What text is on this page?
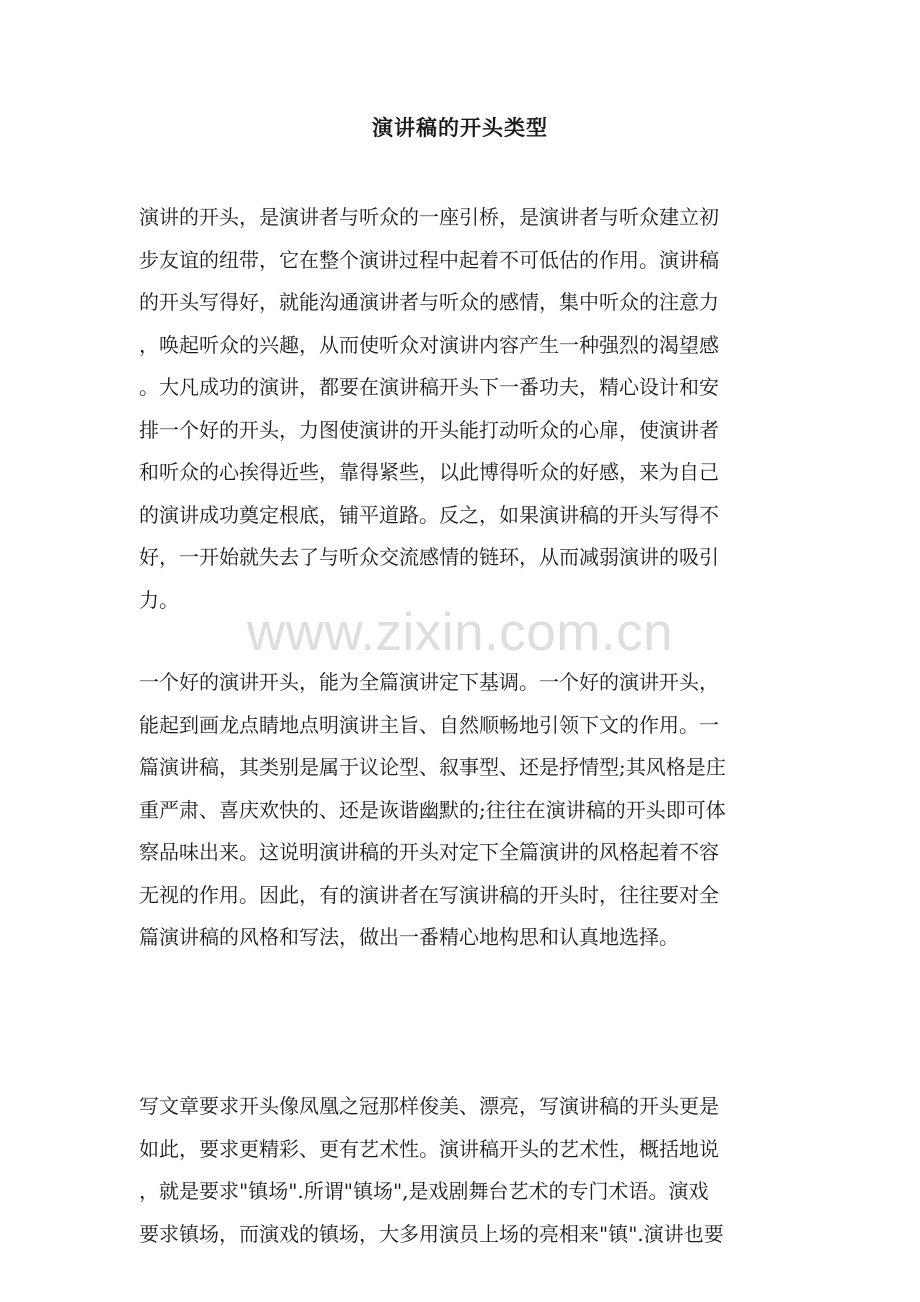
演讲稿的开头类型

演讲的开头，是演讲者与听众的一座引桥，是演讲者与听众建立初
步友谊的纽带，它在整个演讲过程中起着不可低估的作用。演讲稿
的开头写得好，就能沟通演讲者与听众的感情，集中听众的注意力
，唤起听众的兴趣，从而使听众对演讲内容产生一种强烈的渴望感
。大凡成功的演讲，都要在演讲稿开头下一番功夫，精心设计和安
排一个好的开头，力图使演讲的开头能打动听众的心扉，使演讲者
和听众的心挨得近些，靠得紧些，以此博得听众的好感，来为自己
的演讲成功奠定根底，铺平道路。反之，如果演讲稿的开头写得不
好，一开始就失去了与听众交流感情的链环，从而减弱演讲的吸引
力。

www.zixin.com.cn

一个好的演讲开头，能为全篇演讲定下基调。一个好的演讲开头，
能起到画龙点睛地点明演讲主旨、自然顺畅地引领下文的作用。一
篇演讲稿，其类别是属于议论型、叙事型、还是抒情型;其风格是庄
重严肃、喜庆欢快的、还是诙谐幽默的;往往在演讲稿的开头即可体
察品味出来。这说明演讲稿的开头对定下全篇演讲的风格起着不容
无视的作用。因此，有的演讲者在写演讲稿的开头时，往往要对全
篇演讲稿的风格和写法，做出一番精心地构思和认真地选择。

写文章要求开头像凤凰之冠那样俊美、漂亮，写演讲稿的开头更是
如此，要求更精彩、更有艺术性。演讲稿开头的艺术性，概括地说
，就是要求"镇场".所谓"镇场",是戏剧舞台艺术的专门术语。演戏
要求镇场，而演戏的镇场，大多用演员上场的亮相来"镇".演讲也要
